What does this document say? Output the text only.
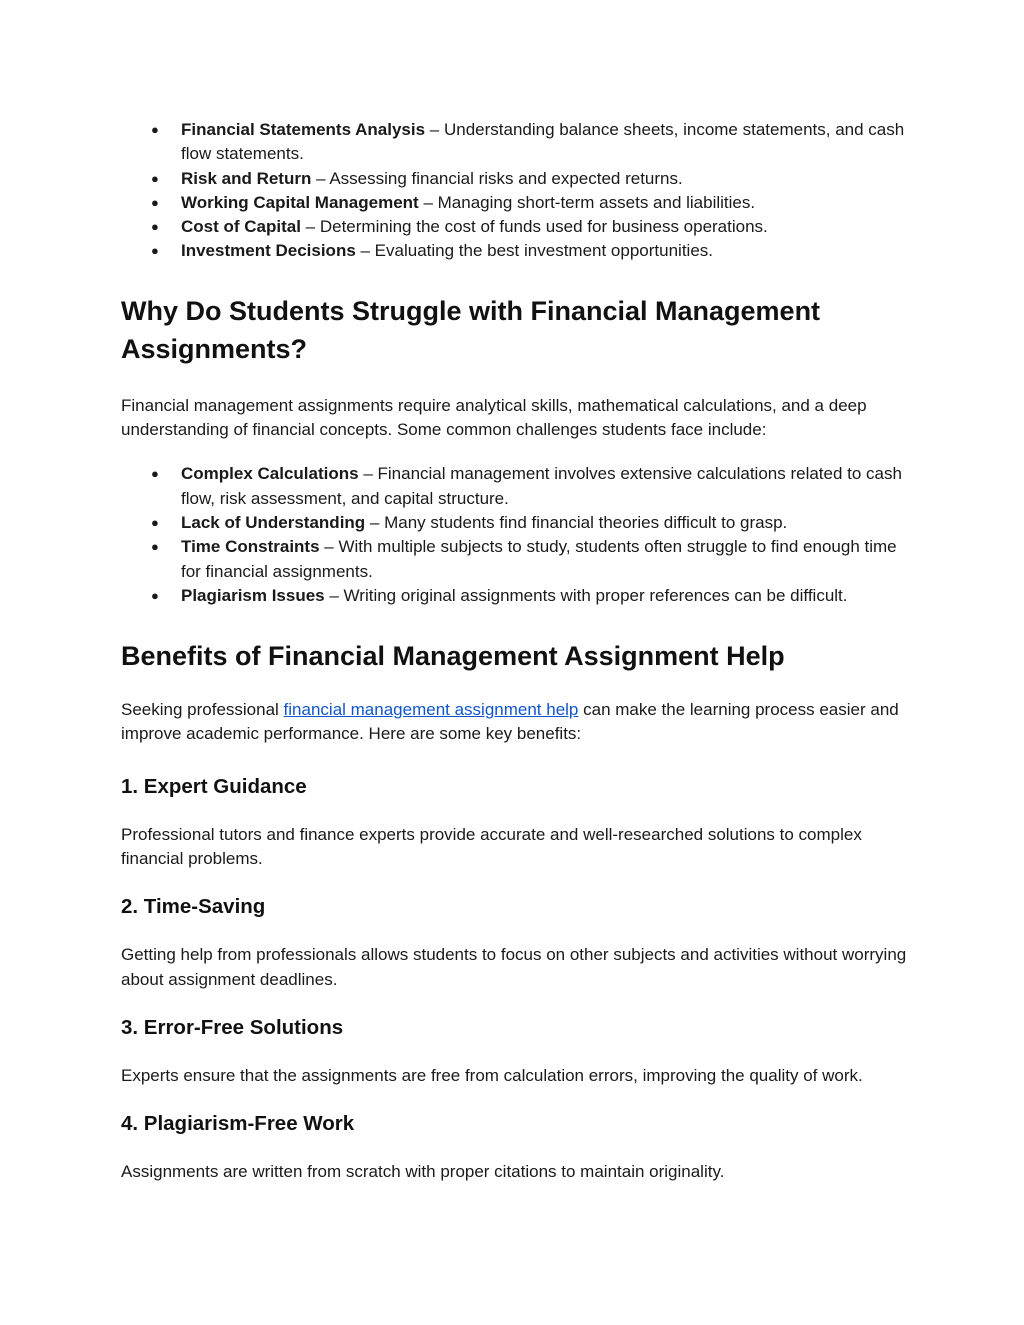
● Financial Statements Analysis – Understanding balance sheets, income statements, and cash flow statements.
● Risk and Return – Assessing financial risks and expected returns.
● Working Capital Management – Managing short-term assets and liabilities.
● Cost of Capital – Determining the cost of funds used for business operations.
● Investment Decisions – Evaluating the best investment opportunities.
Why Do Students Struggle with Financial Management Assignments?

Financial management assignments require analytical skills, mathematical calculations, and a deep understanding of financial concepts. Some common challenges students face include:

● Complex Calculations – Financial management involves extensive calculations related to cash flow, risk assessment, and capital structure.
● Lack of Understanding – Many students find financial theories difficult to grasp.
● Time Constraints – With multiple subjects to study, students often struggle to find enough time for financial assignments.
● Plagiarism Issues – Writing original assignments with proper references can be difficult.
Benefits of Financial Management Assignment Help

Seeking professional financial management assignment help can make the learning process easier and improve academic performance. Here are some key benefits:

1. Expert Guidance

Professional tutors and finance experts provide accurate and well-researched solutions to complex financial problems.

2. Time-Saving

Getting help from professionals allows students to focus on other subjects and activities without worrying about assignment deadlines.

3. Error-Free Solutions

Experts ensure that the assignments are free from calculation errors, improving the quality of work.

4. Plagiarism-Free Work

Assignments are written from scratch with proper citations to maintain originality.
